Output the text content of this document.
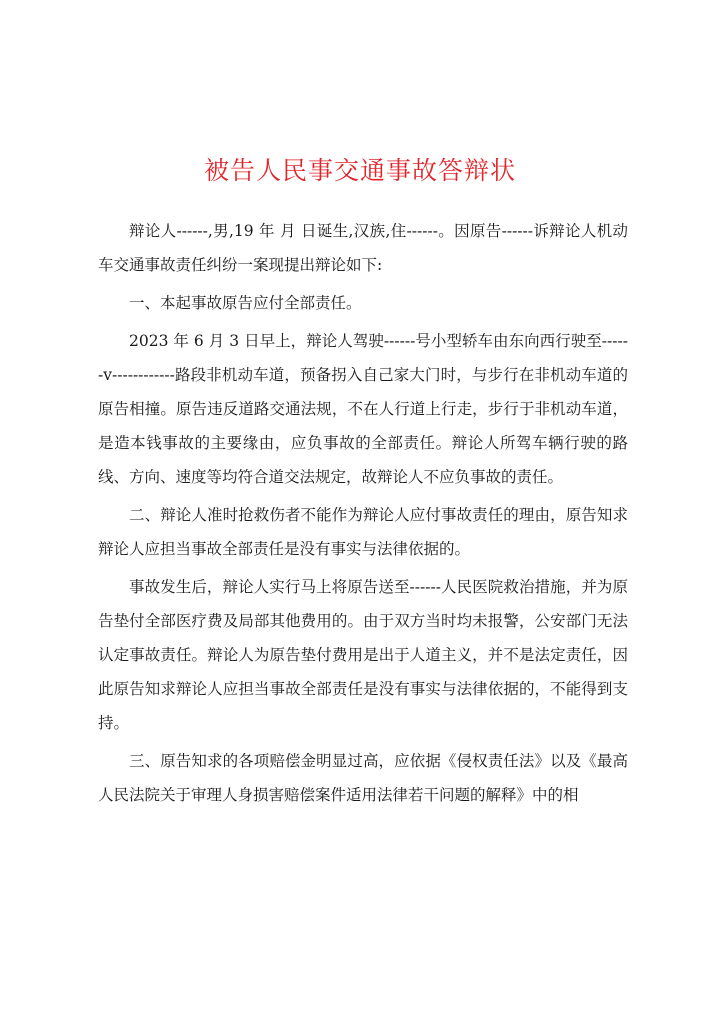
被告人民事交通事故答辩状

辩论人------,男,19 年 月 日诞生,汉族,住------。因原告------诉辩论人机动车交通事故责任纠纷一案现提出辩论如下:

一、本起事故原告应付全部责任。

2023 年 6 月 3 日早上，辩论人驾驶------号小型轿车由东向西行驶至------v------------路段非机动车道，预备拐入自己家大门时，与步行在非机动车道的原告相撞。原告违反道路交通法规，不在人行道上行走，步行于非机动车道，是造本钱事故的主要缘由，应负事故的全部责任。辩论人所驾车辆行驶的路线、方向、速度等均符合道交法规定，故辩论人不应负事故的责任。

二、辩论人准时抢救伤者不能作为辩论人应付事故责任的理由，原告知求辩论人应担当事故全部责任是没有事实与法律依据的。

事故发生后，辩论人实行马上将原告送至------人民医院救治措施，并为原告垫付全部医疗费及局部其他费用的。由于双方当时均未报警，公安部门无法认定事故责任。辩论人为原告垫付费用是出于人道主义，并不是法定责任，因此原告知求辩论人应担当事故全部责任是没有事实与法律依据的，不能得到支持。

三、原告知求的各项赔偿金明显过高，应依据《侵权责任法》以及《最高人民法院关于审理人身损害赔偿案件适用法律若干问题的解释》中的相
